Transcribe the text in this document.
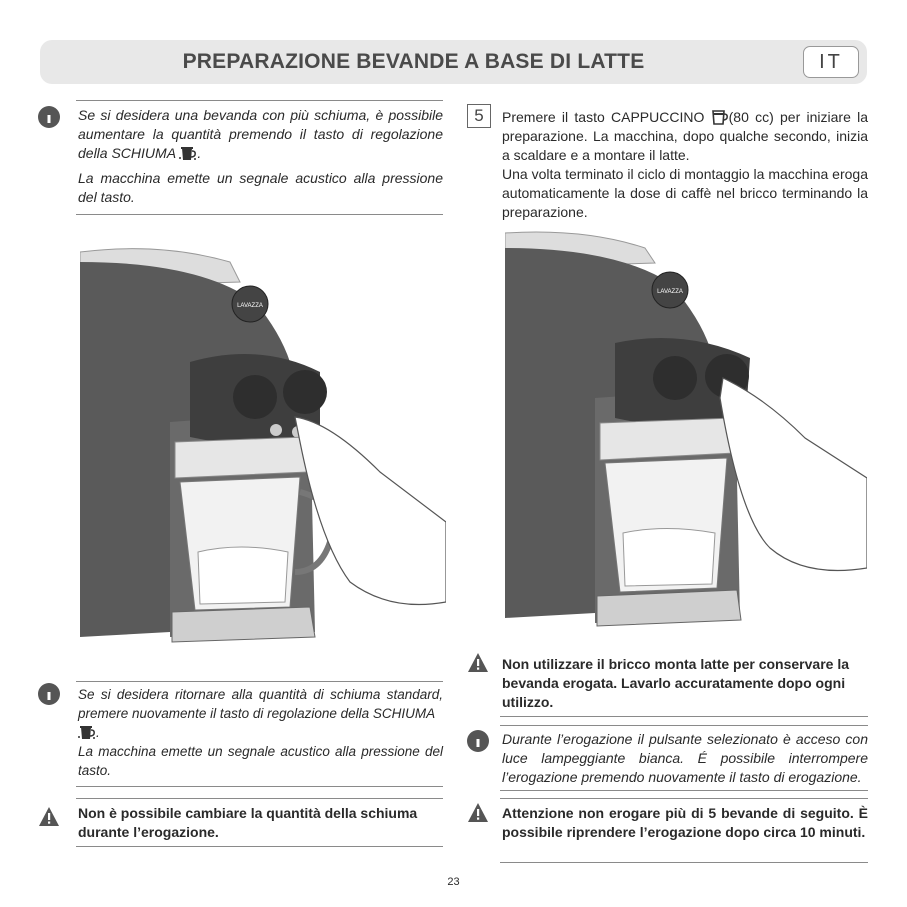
PREPARAZIONE BEVANDE A BASE DI LATTE	IT

Se si desidera una bevanda con più schiuma, è possibile aumentare la quantità premendo il tasto di regolazione della SCHIUMA .

La macchina emette un segnale acustico alla pressione del tasto.

LAVAZZA

Se si desidera ritornare alla quantità di schiuma standard, premere nuovamente il tasto di regolazione della SCHIUMA
.

La macchina emette un segnale acustico alla pressione del tasto.

Non è possibile cambiare la quantità della schiuma durante l’erogazione.
5	Premere il tasto CAPPUCCINO (80 cc) per iniziare la preparazione. La macchina, dopo qualche secondo, inizia a scaldare e a montare il latte.

Una volta terminato il ciclo di montaggio la macchina eroga automaticamente la dose di caffè nel bricco terminando la preparazione.

LAVAZZA
Non utilizzare il bricco monta latte per conservare la bevanda erogata. Lavarlo accuratamente dopo ogni utilizzo.
Durante l’erogazione il pulsante selezionato è acceso con luce lampeggiante bianca. É possibile interrompere l’erogazione premendo nuovamente il tasto di erogazione.
Attenzione non erogare più di 5 bevande di seguito. È possibile riprendere l’erogazione dopo circa 10 minuti.
23
